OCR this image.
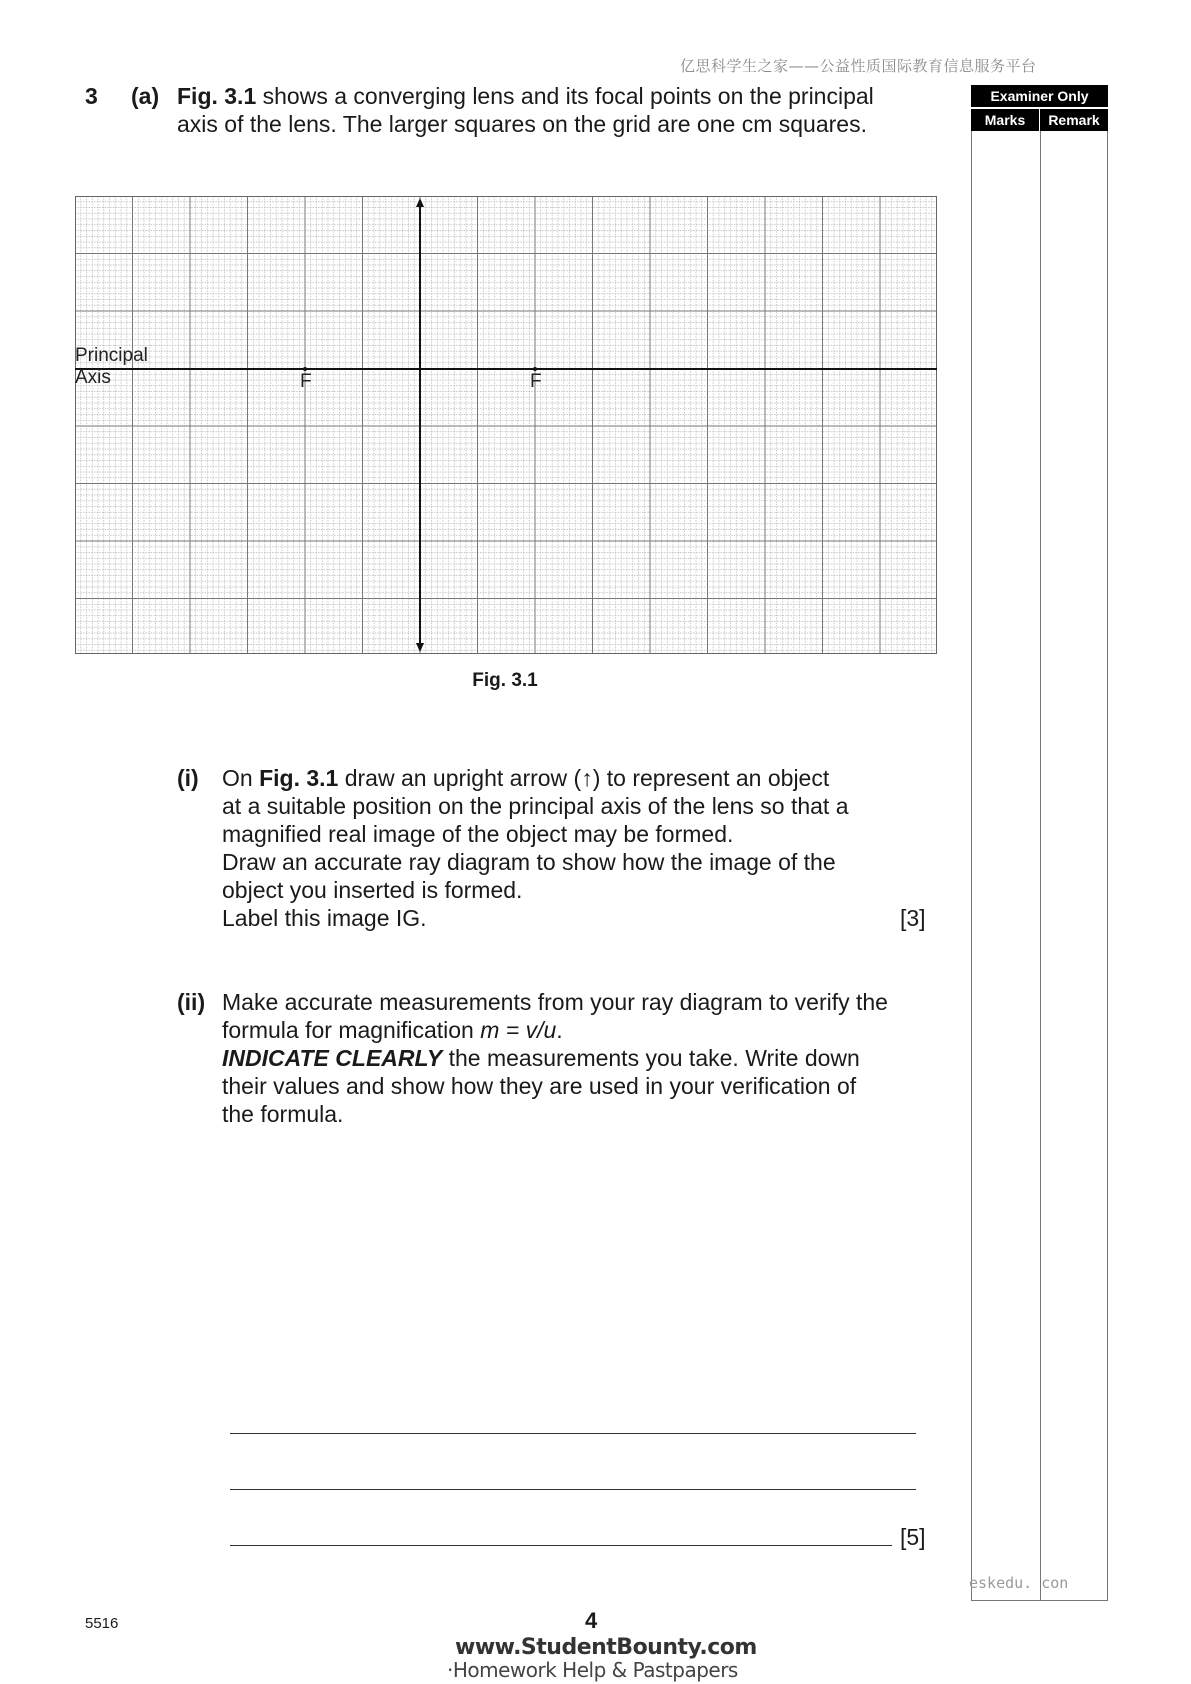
亿思科学生之家——公益性质国际教育信息服务平台
3 (a) Fig. 3.1 shows a converging lens and its focal points on the principal
axis of the lens. The larger squares on the grid are one cm squares.
Principal
Axis	F	F
Fig. 3.1
(i) On Fig. 3.1 draw an upright arrow (↑) to represent an object
at a suitable position on the principal axis of the lens so that a
magnified real image of the object may be formed.
Draw an accurate ray diagram to show how the image of the
object you inserted is formed.
Label this image IG.	[3]
(ii) Make accurate measurements from your ray diagram to verify the
formula for magnification m = v/u.
INDICATE CLEARLY the measurements you take. Write down
their values and show how they are used in your verification of
the formula.
[5]
Examiner Only
Marks	Remark
eskedu. con
5516	4
www.StudentBounty.com
·Homework Help & Pastpapers
